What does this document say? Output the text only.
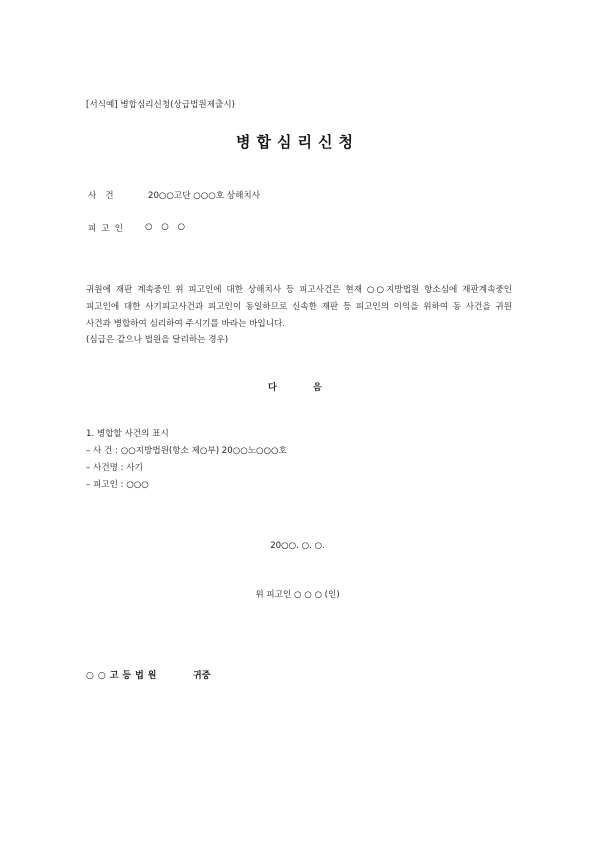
[서식예] 병합심리신청(상급법원제출시)
병합심리신청
사건	20○○고단 ○○○호 상해치사
피고인 ○ ○ ○
귀원에 재판 계속중인 위 피고인에 대한 상해치사 등 피고사건은 현재 ○○지방법원 항소심에 재판계속중인 피고인에 대한 사기피고사건과 피고인이 동일하므로 신속한 재판 등 피고인의 이익을 위하여 동 사건을 귀원 사건과 병합하여 심리하여 주시기를 바라는 바입니다.
(심급은 같으나 법원을 달리하는 경우)
다	음
1. 병합할 사건의 표시
– 사 건 : ○○지방법원(항소 제○부) 20○○노○○○호
– 사건명 : 사기
– 피고인 : ○○○
20○○. ○. ○.
위 피고인 ○ ○ ○ (인)
○○고등법원	귀중
